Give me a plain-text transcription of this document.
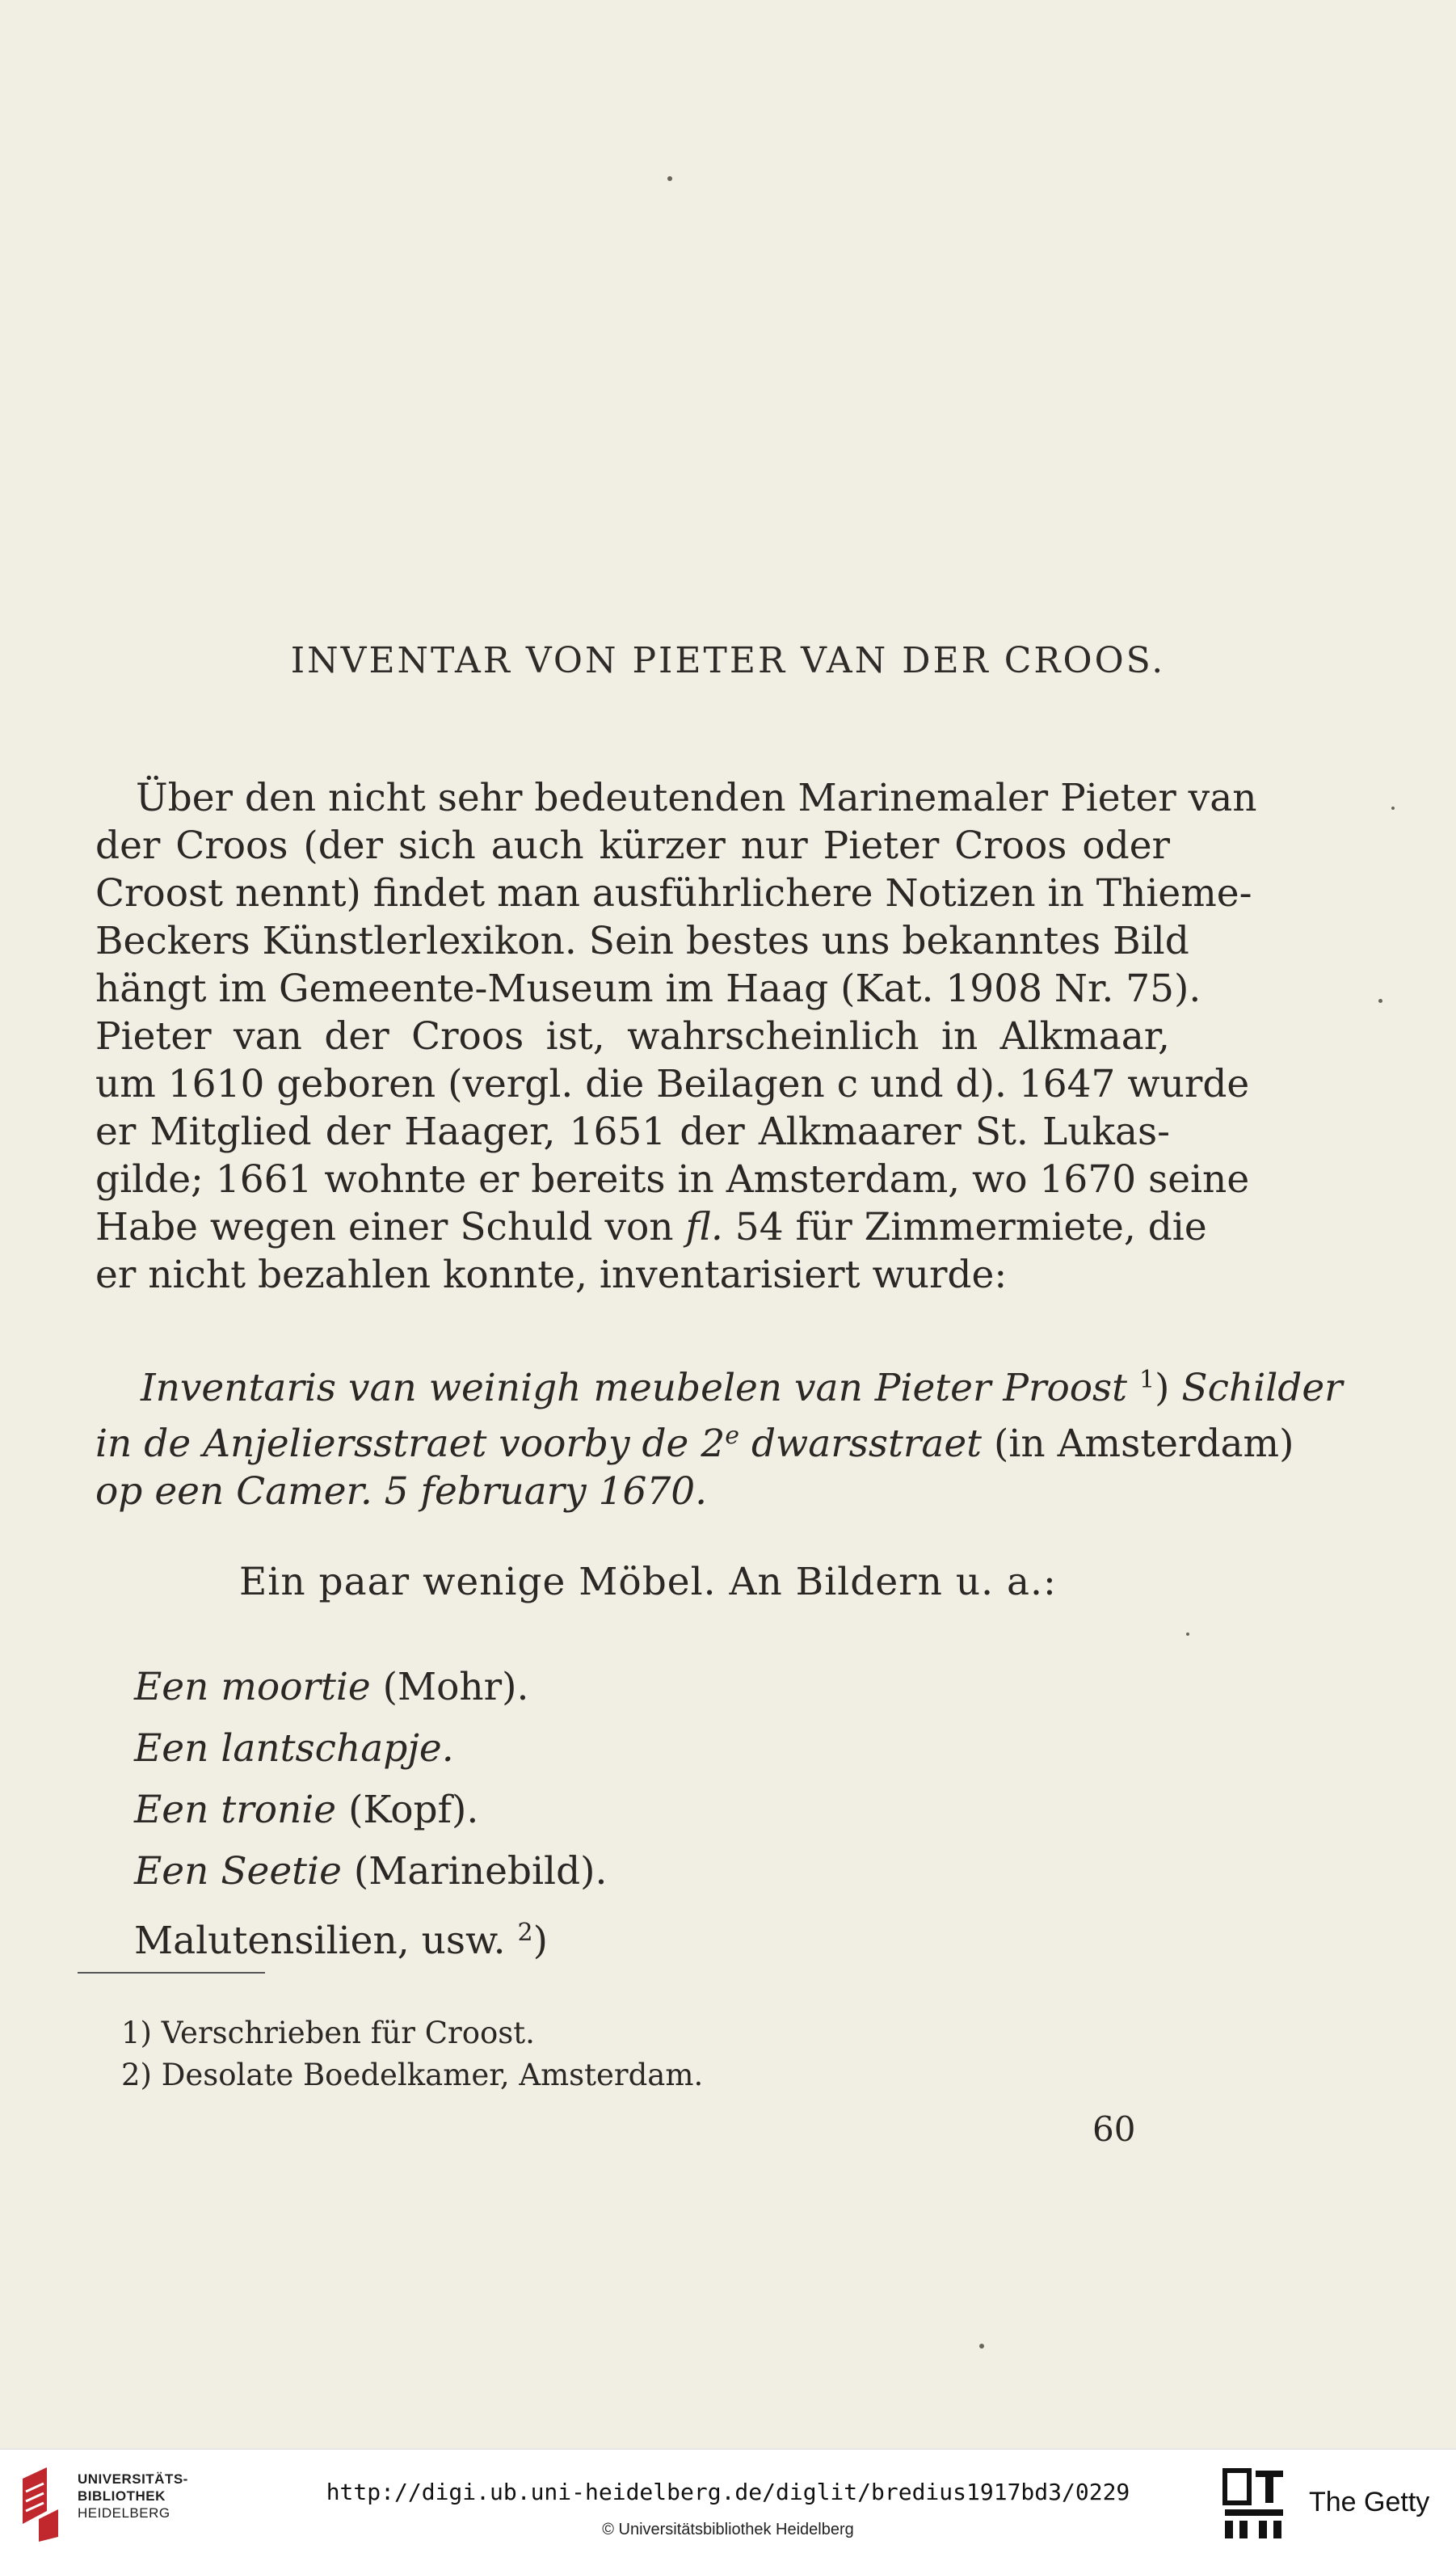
INVENTAR VON PIETER VAN DER CROOS.
Über den nicht sehr bedeutenden Marinemaler Pieter van
der Croos (der sich auch kürzer nur Pieter Croos oder
Croost nennt) findet man ausführlichere Notizen in Thieme-
Beckers Künstlerlexikon. Sein bestes uns bekanntes Bild
hängt im Gemeente-Museum im Haag (Kat. 1908 Nr. 75).
Pieter van der Croos ist, wahrscheinlich in Alkmaar,
um 1610 geboren (vergl. die Beilagen c und d). 1647 wurde
er Mitglied der Haager, 1651 der Alkmaarer St. Lukas-
gilde; 1661 wohnte er bereits in Amsterdam, wo 1670 seine
Habe wegen einer Schuld von fl. 54 für Zimmermiete, die
er nicht bezahlen konnte, inventarisiert wurde:
Inventaris van weinigh meubelen van Pieter Proost $^1$) Schilder
in de Anjeliersstraet voorby de 2e dwarsstraet (in Amsterdam)
op een Camer. 5 february 1670.
Ein paar wenige Möbel. An Bildern u. a.:
Een moortie (Mohr).
Een lantschapje.
Een tronie (Kopf).
Een Seetie (Marinebild).
Malutensilien, usw. $^2$)
1) Verschrieben für Croost.
2) Desolate Boedelkamer, Amsterdam.
60
UNIVERSITÄTS-
BIBLIOTHEK
HEIDELBERG
http://digi.ub.uni-heidelberg.de/diglit/bredius1917bd3/0229
© Universitätsbibliothek Heidelberg
The Getty
